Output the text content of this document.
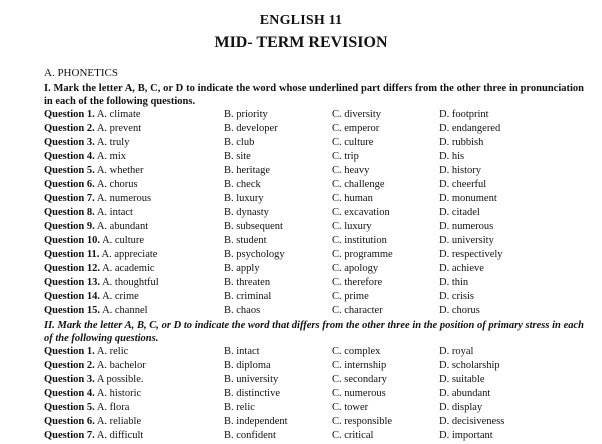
ENGLISH 11
MID- TERM REVISION
A. PHONETICS
I. Mark the letter A, B, C, or D to indicate the word whose underlined part differs from the other three in pronunciation in each of the following questions.
Question 1. A. climate	B. priority	C. diversity	D. footprint
Question 2. A. prevent	B. developer	C. emperor	D. endangered
Question 3. A. truly	B. club	C. culture	D. rubbish
Question 4. A. mix	B. site	C. trip	D. his
Question 5. A. whether	B. heritage	C. heavy	D. history
Question 6. A. chorus	B. check	C. challenge	D. cheerful
Question 7. A. numerous	B. luxury	C. human	D. monument
Question 8. A. intact	B. dynasty	C. excavation	D. citadel
Question 9. A. abundant	B. subsequent	C. luxury	D. numerous
Question 10. A. culture	B. student	C. institution	D. university
Question 11. A. appreciate	B. psychology	C. programme	D. respectively
Question 12. A. academic	B. apply	C. apology	D. achieve
Question 13. A. thoughtful	B. threaten	C. therefore	D. thin
Question 14. A. crime	B. criminal	C. prime	D. crisis
Question 15. A. channel	B. chaos	C. character	D. chorus
II. Mark the letter A, B, C, or D to indicate the word that differs from the other three in the position of primary stress in each of the following questions.
Question 1. A. relic	B. intact	C. complex	D. royal
Question 2. A. bachelor	B. diploma	C. internship	D. scholarship
Question 3. A possible.	B. university	C. secondary	D. suitable
Question 4. A. historic	B. distinctive	C. numerous	D. abundant
Question 5. A. flora	B. relic	C. tower	D. display
Question 6. A. reliable	B. independent	C. responsible	D. decisiveness
Question 7. A. difficult	B. confident	C. critical	D. important
